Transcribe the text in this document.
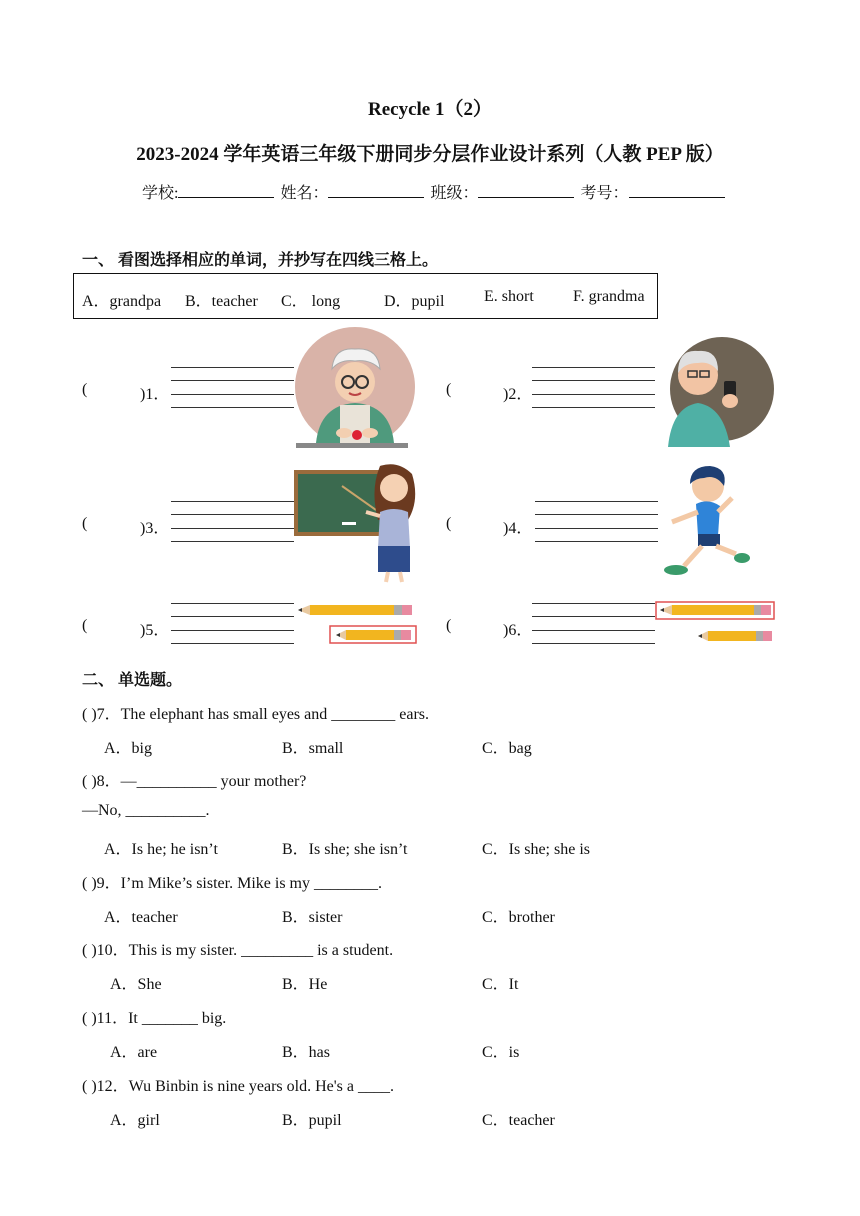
Recycle 1（2）
2023-2024 学年英语三年级下册同步分层作业设计系列（人教 PEP 版）
学校:	姓名：	班级：	考号：
一、 看图选择相应的单词，并抄写在四线三格上。
A．grandpa B．teacher C． long	D．pupil E. short F. grandma
(	)1．	(	)2．
(	)3．	(	)4．
(	)5．	(	)6．
二、 单选题。
( )7．The elephant has small eyes and ________ ears.
A．big	B．small	C．bag
( )8．—__________ your mother?
—No, __________.
A．Is he; he isn’t	B．Is she; she isn’t	C．Is she; she is
( )9．I’m Mike’s sister. Mike is my ________.
A．teacher	B．sister	C．brother
( )10．This is my sister. _________ is a student.
A．She	B．He	C．It
( )11．It _______ big.
A．are	B．has	C．is
( )12．Wu Binbin is nine years old. He's a ____.
A．girl	B．pupil	C．teacher
